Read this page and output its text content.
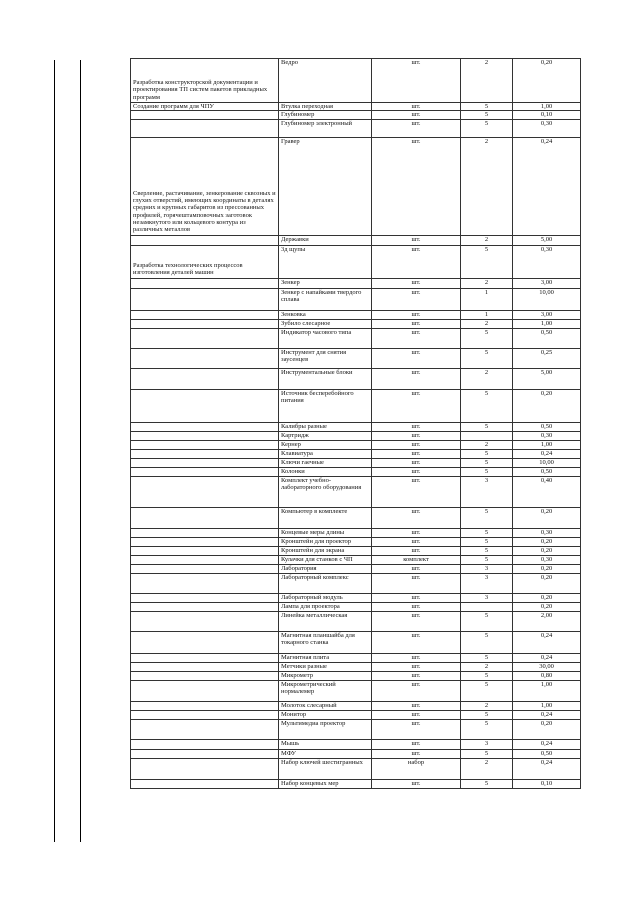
Разработка конструкторской документации и проектирования ТП систем пакетов прикладных программ	Ведро	шт.	2	0,20
Создание программ для ЧПУ	Втулка переходная	шт.	5	1,00
	Глубиномер	шт.	5	0,10
	Глубиномер электронный	шт.	5	0,30
Сверление, растачивание, зенкерование сквозных и глухих отверстий, имеющих координаты в деталях средних и крупных габаритов из прессованных профилей, горячештамповочных заготовок незамкнутого или кольцевого контура из различных металлов	Гравер	шт.	2	0,24
	Державки	шт.	2	5,00
Разработка технологических процессов изготовления деталей машин	3д щупы	шт.	5	0,30
	Зенкер	шт.	2	3,00
	Зенкер с напайками твердого сплава	шт.	1	10,00
	Зенковка	шт.	1	3,00
	Зубило слесарное	шт.	2	1,00
	Индикатор часового типа	шт.	5	0,50
	Инструмент для снятия заусенцев	шт.	5	0,25
	Инструментальные блоки	шт.	2	5,00
	Источник бесперебойного питания	шт.	5	0,20
	Калибры разные	шт.	5	0,50
	Картридж	шт.		0,30
	Кернер	шт.	2	1,00
	Клавиатура	шт.	5	0,24
	Ключи гаечные	шт.	5	10,00
	Колонки	шт.	5	0,50
	Комплект учебно-лабораторного оборудования	шт.	3	0,40
	Компьютер в комплекте	шт.	5	0,20
	Концевые меры длины	шт.	5	0,30
	Кронштейн для проектор	шт.	5	0,20
	Кронштейн для экрана	шт.	5	0,20
	Кулачки для станков с ЧП	комплект	5	0,30
	Лаборатория	шт.	3	0,20
	Лабораторный комплекс	шт.	3	0,20
	Лабораторный модуль	шт.	3	0,20
	Лампа для проектора	шт.		0,20
	Линейка металлическая	шт.	5	2,00
	Магнитная планшайба для токарного станка	шт.	5	0,24
	Магнитная плита	шт.	5	0,24
	Метчики разные	шт.	2	30,00
	Микрометр	шт.	5	0,80
	Микрометрический нормалемер	шт.	5	1,00
	Молоток слесарный	шт.	2	1,00
	Монитор	шт.	5	0,24
	Мультимедиа проектор	шт.	5	0,20
	Мышь	шт.	3	0,24
	МФУ	шт.	5	0,50
	Набор ключей шестигранных	набор	2	0,24
	Набор концевых мер	шт.	5	0,10
